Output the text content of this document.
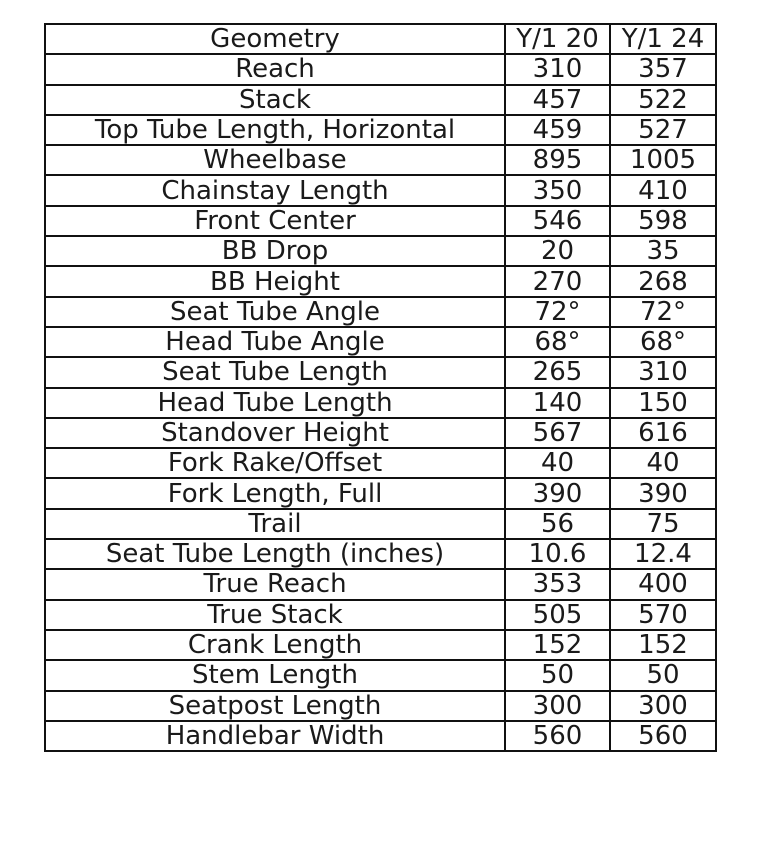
Geometry	Y/1 20	Y/1 24
Reach	310	357
Stack	457	522
Top Tube Length, Horizontal	459	527
Wheelbase	895	1005
Chainstay Length	350	410
Front Center	546	598
BB Drop	20	35
BB Height	270	268
Seat Tube Angle	72°	72°
Head Tube Angle	68°	68°
Seat Tube Length	265	310
Head Tube Length	140	150
Standover Height	567	616
Fork Rake/Offset	40	40
Fork Length, Full	390	390
Trail	56	75
Seat Tube Length (inches)	10.6	12.4
True Reach	353	400
True Stack	505	570
Crank Length	152	152
Stem Length	50	50
Seatpost Length	300	300
Handlebar Width	560	560
